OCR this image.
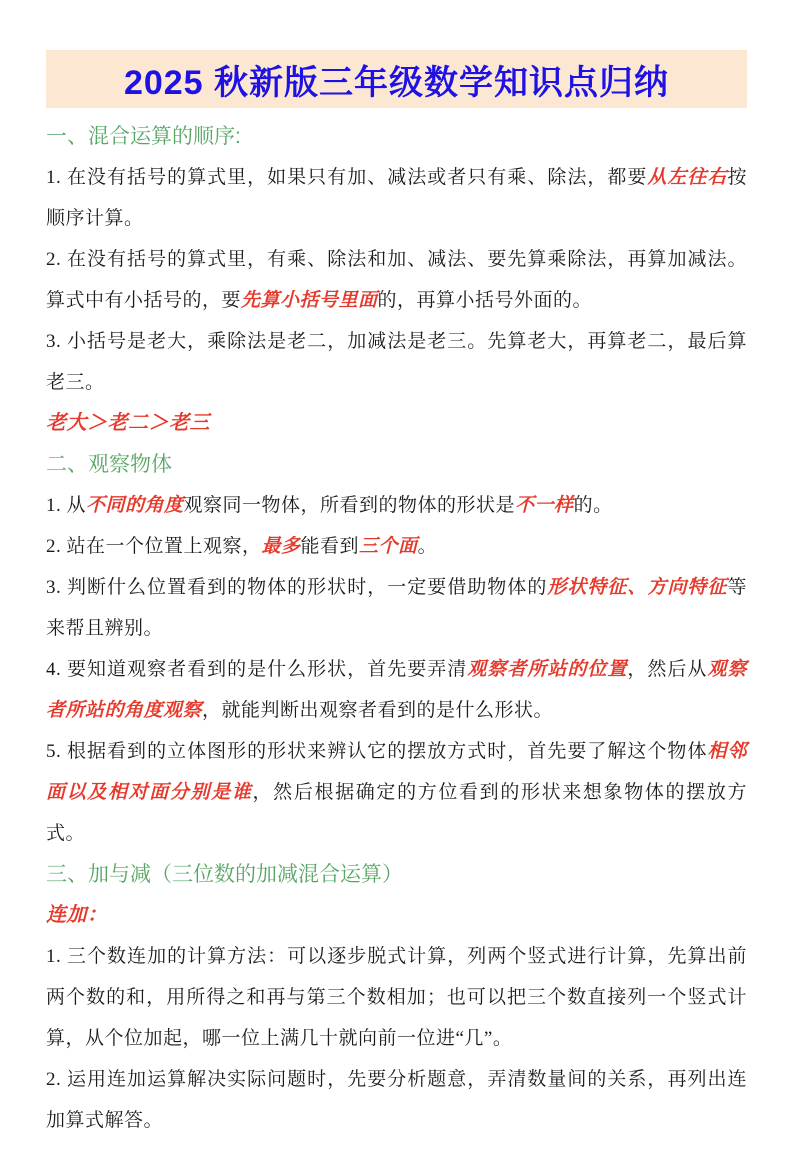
2025 秋新版三年级数学知识点归纳
一、混合运算的顺序:

1. 在没有括号的算式里，如果只有加、减法或者只有乘、除法，都要从左往右按顺序计算。

2. 在没有括号的算式里，有乘、除法和加、减法、要先算乘除法，再算加减法。算式中有小括号的，要先算小括号里面的，再算小括号外面的。

3. 小括号是老大，乘除法是老二，加减法是老三。先算老大，再算老二，最后算老三。

老大＞老二＞老三

二、观察物体

1. 从不同的角度观察同一物体，所看到的物体的形状是不一样的。

2. 站在一个位置上观察，最多能看到三个面。

3. 判断什么位置看到的物体的形状时，一定要借助物体的形状特征、方向特征等来帮且辨别。

4. 要知道观察者看到的是什么形状，首先要弄清观察者所站的位置，然后从观察者所站的角度观察，就能判断出观察者看到的是什么形状。

5. 根据看到的立体图形的形状来辨认它的摆放方式时，首先要了解这个物体相邻面以及相对面分别是谁，然后根据确定的方位看到的形状来想象物体的摆放方式。

三、加与减（三位数的加减混合运算）

连加：

1. 三个数连加的计算方法：可以逐步脱式计算，列两个竖式进行计算，先算出前两个数的和，用所得之和再与第三个数相加；也可以把三个数直接列一个竖式计算，从个位加起，哪一位上满几十就向前一位进“几”。

2. 运用连加运算解决实际问题时，先要分析题意，弄清数量间的关系，再列出连加算式解答。
